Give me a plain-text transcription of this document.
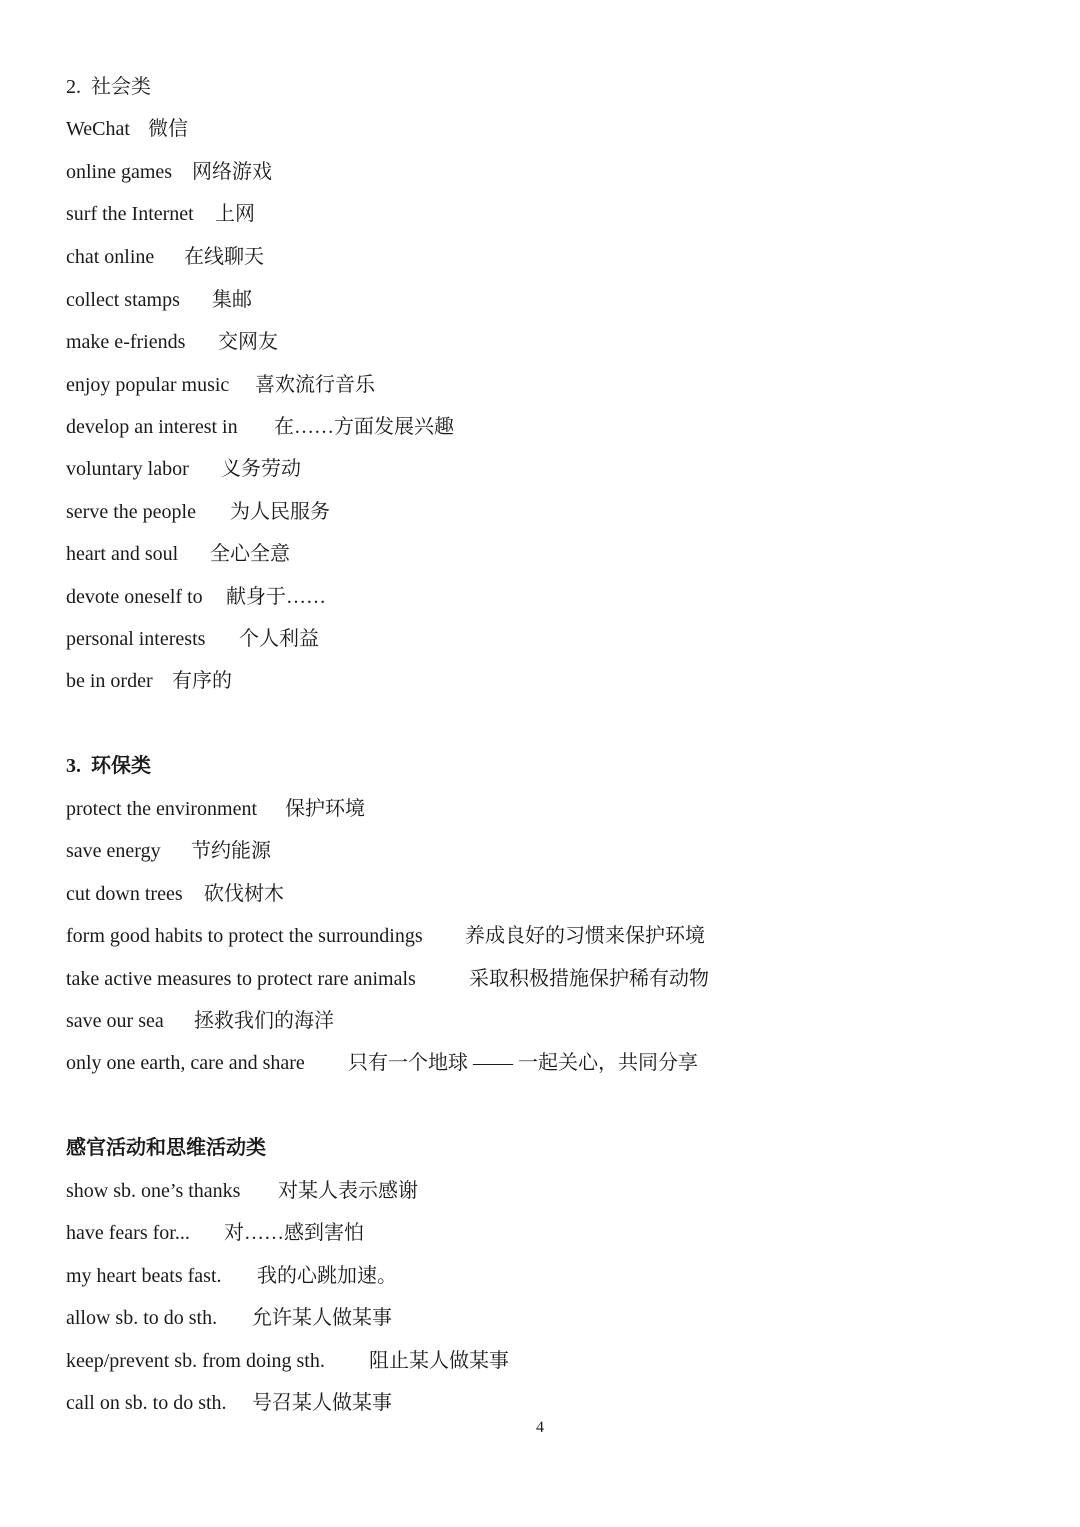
2.  社会类
WeChat 微信
online games 网络游戏
surf the Internet 上网
chat online 在线聊天
collect stamps 集邮
make e-friends 交网友
enjoy popular music 喜欢流行音乐
develop an interest in 在……方面发展兴趣
voluntary labor 义务劳动
serve the people 为人民服务
heart and soul 全心全意
devote oneself to 献身于……
personal interests 个人利益
be in order 有序的
3.  环保类
protect the environment 保护环境
save energy 节约能源
cut down trees 砍伐树木
form good habits to protect the surroundings 养成良好的习惯来保护环境
take active measures to protect rare animals	采取积极措施保护稀有动物
save our sea 拯救我们的海洋
only one earth, care and share 只有一个地球 —— 一起关心，共同分享
感官活动和思维活动类
show sb. one’s thanks 对某人表示感谢
have fears for... 对……感到害怕
my heart beats fast. 我的心跳加速。
allow sb. to do sth. 允许某人做某事
keep/prevent sb. from doing sth. 阻止某人做某事
call on sb. to do sth. 号召某人做某事
4
